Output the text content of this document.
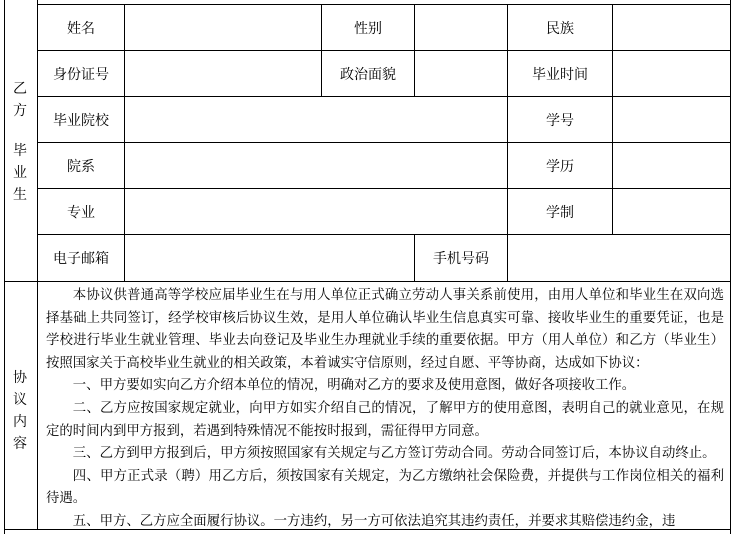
乙方
毕业生
姓名	性别	民族
身份证号	政治面貌	毕业时间
毕业院校	学号
院系	学历
专业	学制
电子邮箱	手机号码
协议内容

本协议供普通高等学校应届毕业生在与用人单位正式确立劳动人事关系前使用，由用人单位和毕业生在双向选择基础上共同签订，经学校审核后协议生效，是用人单位确认毕业生信息真实可靠、接收毕业生的重要凭证，也是学校进行毕业生就业管理、毕业去向登记及毕业生办理就业手续的重要依据。甲方（用人单位）和乙方（毕业生）按照国家关于高校毕业生就业的相关政策，本着诚实守信原则，经过自愿、平等协商，达成如下协议：

一、甲方要如实向乙方介绍本单位的情况，明确对乙方的要求及使用意图，做好各项接收工作。

二、乙方应按国家规定就业，向甲方如实介绍自己的情况，了解甲方的使用意图，表明自己的就业意见，在规定的时间内到甲方报到，若遇到特殊情况不能按时报到，需征得甲方同意。

三、乙方到甲方报到后，甲方须按照国家有关规定与乙方签订劳动合同。劳动合同签订后，本协议自动终止。

四、甲方正式录（聘）用乙方后，须按国家有关规定，为乙方缴纳社会保险费，并提供与工作岗位相关的福利待遇。

五、甲方、乙方应全面履行协议。一方违约，另一方可依法追究其违约责任，并要求其赔偿违约金，违
